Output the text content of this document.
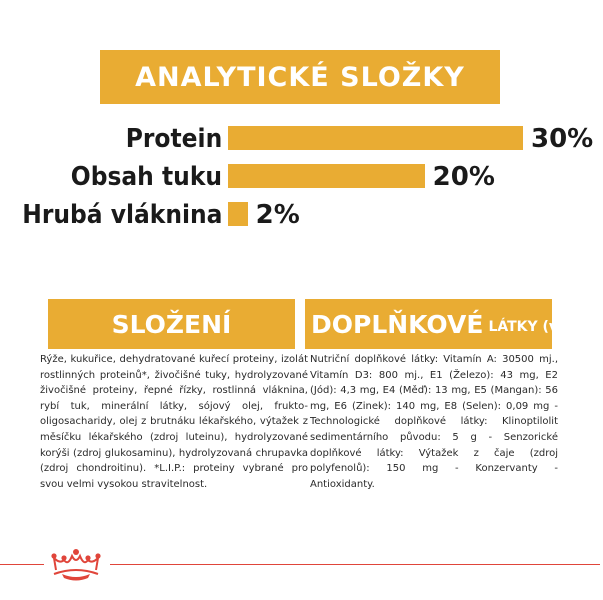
ANALYTICKÉ SLOŽKY
Protein	30%
Obsah tuku	20%
Hrubá vláknina 2%
SLOŽENÍ
Rýže, kukuřice, dehydratované kuřecí proteiny, izolát rostlinných proteinů*, živočišné tuky, hydrolyzované živočišné proteiny, řepné řízky, rostlinná vláknina, rybí tuk, minerální látky, sójový olej, frukto-oligosacharidy, olej z brutnáku lékařského, výtažek z měsíčku lékařského (zdroj luteinu), hydrolyzované korýši (zdroj glukosaminu), hydrolyzovaná chrupavka (zdroj chondroitinu). *L.I.P.: proteiny vybrané pro svou velmi vysokou stravitelnost.
DOPLŇKOVÉ LÁTKY (v 1 kg)
Nutriční doplňkové látky: Vitamín A: 30500 mj., Vitamín D3: 800 mj., E1 (Železo): 43 mg, E2 (Jód): 4,3 mg, E4 (Měď): 13 mg, E5 (Mangan): 56 mg, E6 (Zinek): 140 mg, E8 (Selen): 0,09 mg - Technologické doplňkové látky: Klinoptilolit sedimentárního původu: 5 g - Senzorické doplňkové látky: Výtažek z čaje (zdroj polyfenolů): 150 mg - Konzervanty - Antioxidanty.
